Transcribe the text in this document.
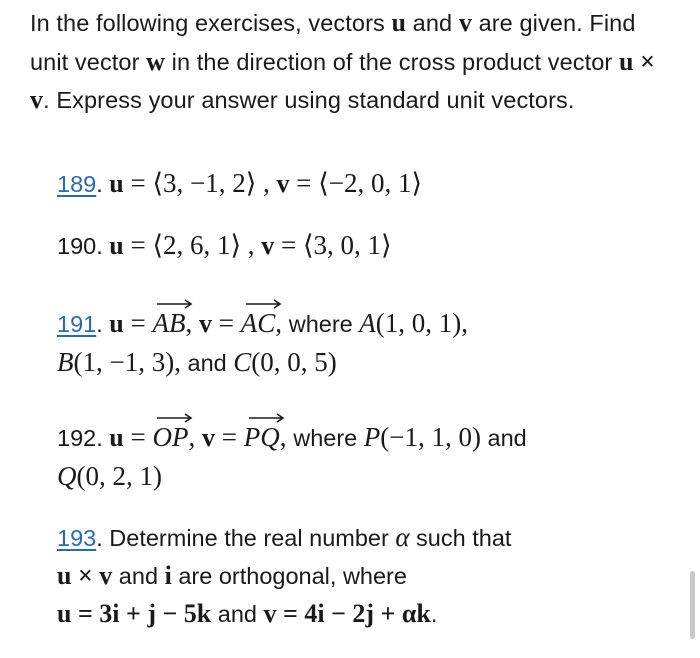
In the following exercises, vectors u and v are given. Find unit vector w in the direction of the cross product vector u × v. Express your answer using standard unit vectors.
189. u = ⟨3, −1, 2⟩ , v = ⟨−2, 0, 1⟩
190. u = ⟨2, 6, 1⟩ , v = ⟨3, 0, 1⟩
191. u =
AB, v =
AC, where A(1, 0, 1),
B(1, −1, 3), and C(0, 0, 5)
192. u =
OP, v =
PQ, where P(−1, 1, 0) and
Q(0, 2, 1)
193. Determine the real number α such that
u × v and i are orthogonal, where
u = 3i + j − 5k and v = 4i − 2j + αk.
